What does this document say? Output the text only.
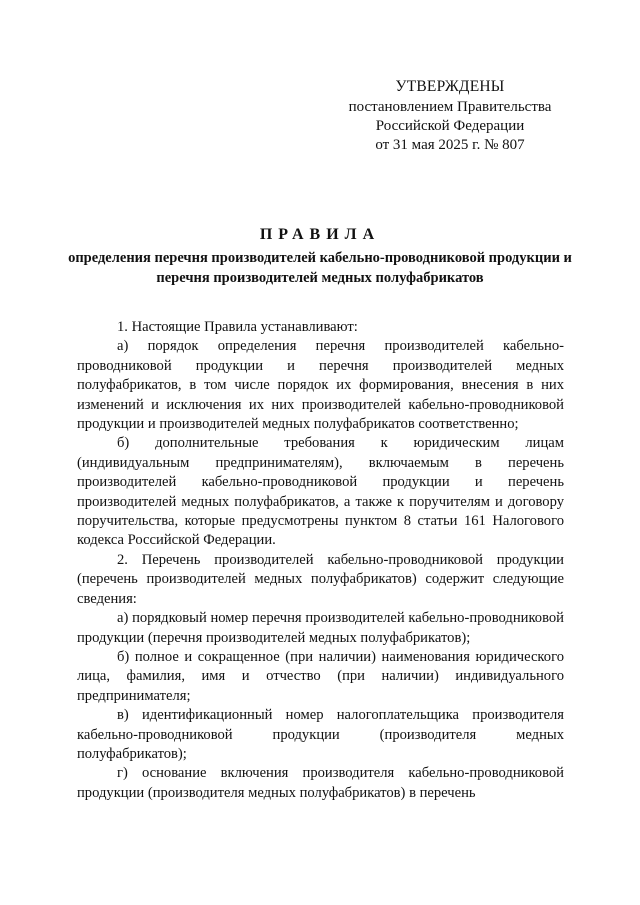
УТВЕРЖДЕНЫ
постановлением Правительства
Российской Федерации
от 31 мая 2025 г. № 807
ПРАВИЛА
определения перечня производителей кабельно-проводниковой продукции и перечня производителей медных полуфабрикатов

1. Настоящие Правила устанавливают:

а) порядок определения перечня производителей кабельно-проводниковой продукции и перечня производителей медных полуфабрикатов, в том числе порядок их формирования, внесения в них изменений и исключения их них производителей кабельно-проводниковой продукции и производителей медных полуфабрикатов соответственно;

б) дополнительные требования к юридическим лицам (индивидуальным предпринимателям), включаемым в перечень производителей кабельно-проводниковой продукции и перечень производителей медных полуфабрикатов, а также к поручителям и договору поручительства, которые предусмотрены пунктом 8 статьи 161 Налогового кодекса Российской Федерации.

2. Перечень производителей кабельно-проводниковой продукции (перечень производителей медных полуфабрикатов) содержит следующие сведения:

а) порядковый номер перечня производителей кабельно-проводниковой продукции (перечня производителей медных полуфабрикатов);

б) полное и сокращенное (при наличии) наименования юридического лица, фамилия, имя и отчество (при наличии) индивидуального предпринимателя;

в) идентификационный номер налогоплательщика производителя кабельно-проводниковой продукции (производителя медных полуфабрикатов);

г) основание включения производителя кабельно-проводниковой продукции (производителя медных полуфабрикатов) в перечень
